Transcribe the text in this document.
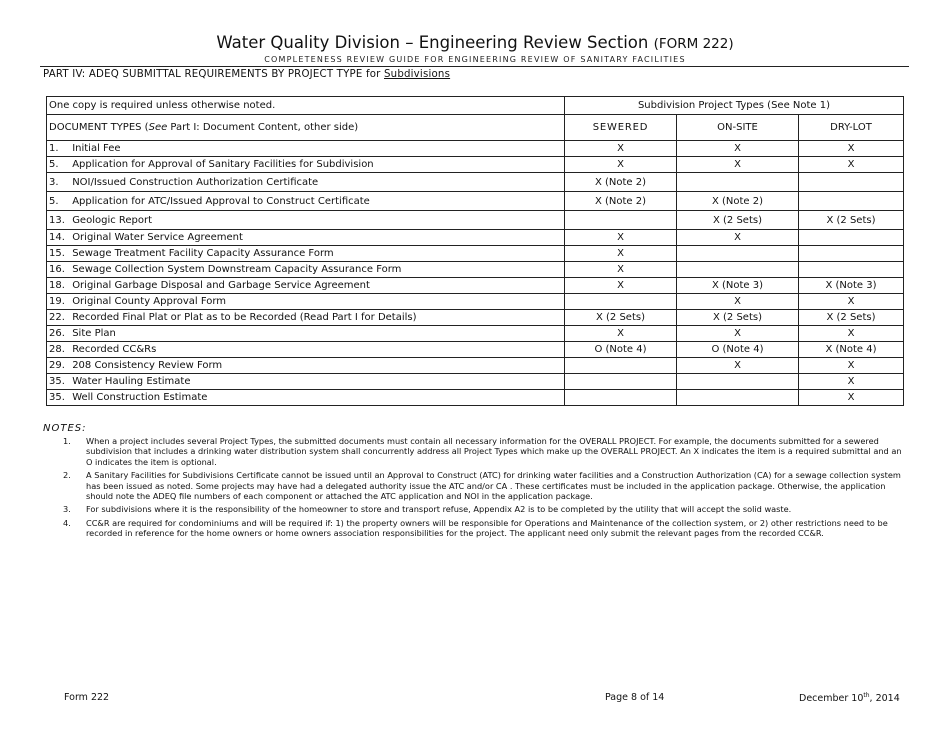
Water Quality Division – Engineering Review Section (FORM 222)
COMPLETENESS REVIEW GUIDE FOR ENGINEERING REVIEW OF SANITARY FACILITIES
PART IV: ADEQ SUBMITTAL REQUIREMENTS BY PROJECT TYPE for Subdivisions
One copy is required unless otherwise noted.	Subdivision Project Types (See Note 1)		
DOCUMENT TYPES (See Part I: Document Content, other side)	SEWERED	ON-SITE	DRY-LOT
1. Initial Fee	X	X	X
5. Application for Approval of Sanitary Facilities for Subdivision	X	X	X
3. NOI/Issued Construction Authorization Certificate	X (Note 2)		
5. Application for ATC/Issued Approval to Construct Certificate	X (Note 2)	X (Note 2)	
13. Geologic Report		X (2 Sets)	X (2 Sets)
14. Original Water Service Agreement	X	X	
15. Sewage Treatment Facility Capacity Assurance Form	X		
16. Sewage Collection System Downstream Capacity Assurance Form	X		
18. Original Garbage Disposal and Garbage Service Agreement	X	X (Note 3)	X (Note 3)
19. Original County Approval Form		X	X
22. Recorded Final Plat or Plat as to be Recorded (Read Part I for Details)	X (2 Sets)	X (2 Sets)	X (2 Sets)
26. Site Plan	X	X	X
28. Recorded CC&Rs	O (Note 4)	O (Note 4)	X (Note 4)
29. 208 Consistency Review Form		X	X
35. Water Hauling Estimate			X
35. Well Construction Estimate			X
NOTES:
1. When a project includes several Project Types, the submitted documents must contain all necessary information for the OVERALL PROJECT. For example, the documents submitted for a sewered subdivision that includes a drinking water distribution system shall concurrently address all Project Types which make up the OVERALL PROJECT. An X indicates the item is a required submittal and an O indicates the item is optional.
2. A Sanitary Facilities for Subdivisions Certificate cannot be issued until an Approval to Construct (ATC) for drinking water facilities and a Construction Authorization (CA) for a sewage collection system has been issued as noted. Some projects may have had a delegated authority issue the ATC and/or CA . These certificates must be included in the application package. Otherwise, the application should note the ADEQ file numbers of each component or attached the ATC application and NOI in the application package.
3. For subdivisions where it is the responsibility of the homeowner to store and transport refuse, Appendix A2 is to be completed by the utility that will accept the solid waste.
4. CC&R are required for condominiums and will be required if: 1) the property owners will be responsible for Operations and Maintenance of the collection system, or 2) other restrictions need to be recorded in reference for the home owners or home owners association responsibilities for the project. The applicant need only submit the relevant pages from the recorded CC&R.
Form 222	Page 8 of 14	December 10th, 2014
